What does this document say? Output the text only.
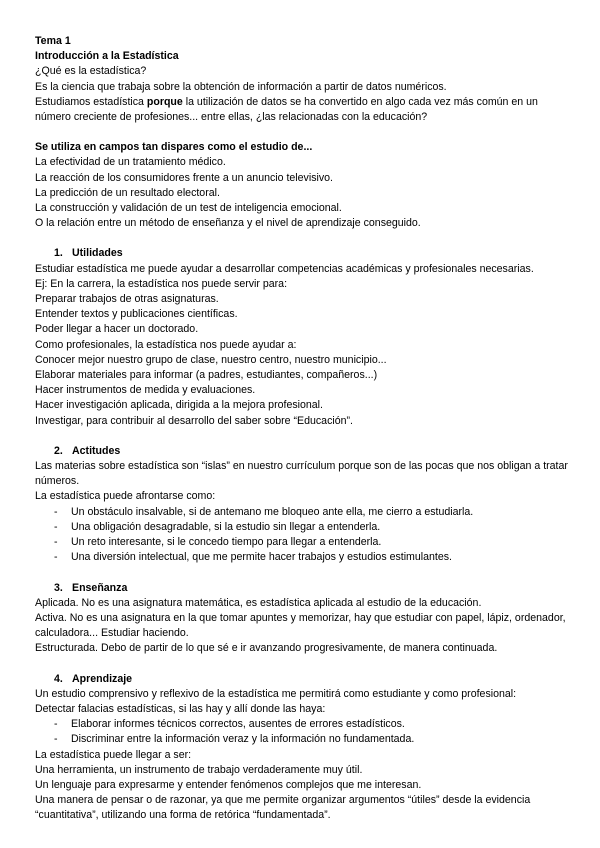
Tema 1

Introducción a la Estadística

¿Qué es la estadística?

Es la ciencia que trabaja sobre la obtención de información a partir de datos numéricos.

Estudiamos estadística porque la utilización de datos se ha convertido en algo cada vez más común en un número creciente de profesiones... entre ellas, ¿las relacionadas con la educación?

Se utiliza en campos tan dispares como el estudio de...

La efectividad de un tratamiento médico.

La reacción de los consumidores frente a un anuncio televisivo.

La predicción de un resultado electoral.

La construcción y validación de un test de inteligencia emocional.

O la relación entre un método de enseñanza y el nivel de aprendizaje conseguido.

1. Utilidades

Estudiar estadística me puede ayudar a desarrollar competencias académicas y profesionales necesarias.

Ej: En la carrera, la estadística nos puede servir para:

Preparar trabajos de otras asignaturas.

Entender textos y publicaciones científicas.

Poder llegar a hacer un doctorado.

Como profesionales, la estadística nos puede ayudar a:

Conocer mejor nuestro grupo de clase, nuestro centro, nuestro municipio...

Elaborar materiales para informar (a padres, estudiantes, compañeros...)

Hacer instrumentos de medida y evaluaciones.

Hacer investigación aplicada, dirigida a la mejora profesional.

Investigar, para contribuir al desarrollo del saber sobre “Educación”.

2. Actitudes

Las materias sobre estadística son “islas” en nuestro currículum porque son de las pocas que nos obligan a tratar números.

La estadística puede afrontarse como:

- Un obstáculo insalvable, si de antemano me bloqueo ante ella, me cierro a estudiarla.
- Una obligación desagradable, si la estudio sin llegar a entenderla.
- Un reto interesante, si le concedo tiempo para llegar a entenderla.
- Una diversión intelectual, que me permite hacer trabajos y estudios estimulantes.

3. Enseñanza

Aplicada. No es una asignatura matemática, es estadística aplicada al estudio de la educación.

Activa. No es una asignatura en la que tomar apuntes y memorizar, hay que estudiar con papel, lápiz, ordenador, calculadora... Estudiar haciendo.

Estructurada. Debo de partir de lo que sé e ir avanzando progresivamente, de manera continuada.

4. Aprendizaje

Un estudio comprensivo y reflexivo de la estadística me permitirá como estudiante y como profesional:

Detectar falacias estadísticas, si las hay y allí donde las haya:

- Elaborar informes técnicos correctos, ausentes de errores estadísticos.
- Discriminar entre la información veraz y la información no fundamentada.

La estadística puede llegar a ser:

Una herramienta, un instrumento de trabajo verdaderamente muy útil.

Un lenguaje para expresarme y entender fenómenos complejos que me interesan.

Una manera de pensar o de razonar, ya que me permite organizar argumentos “útiles” desde la evidencia “cuantitativa”, utilizando una forma de retórica “fundamentada”.
